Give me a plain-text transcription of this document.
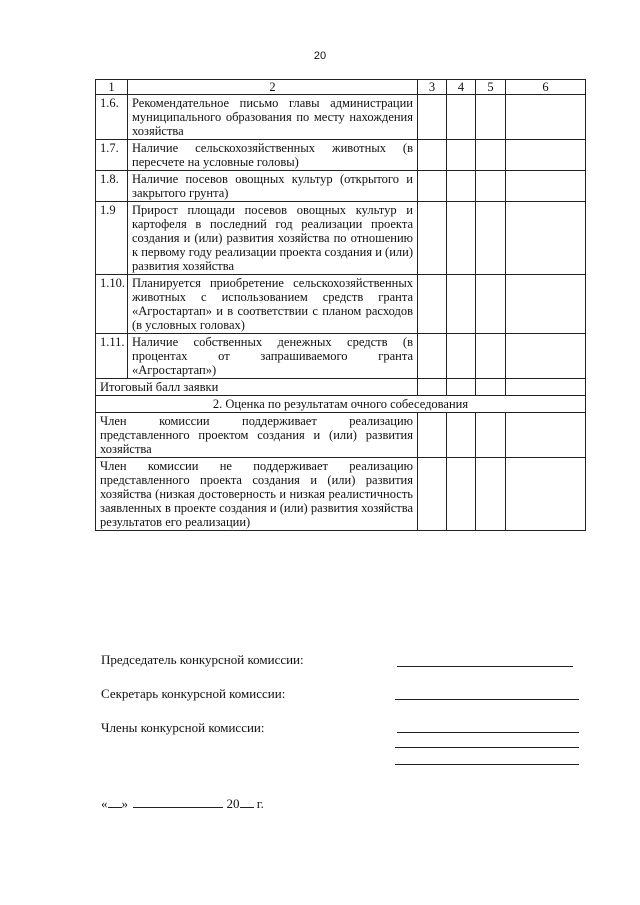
20
1	2	3	4	5	6
1.6.	Рекомендательное письмо главы администрации муниципального образования по месту нахождения хозяйства				
1.7.	Наличие сельскохозяйственных животных (в пересчете на условные головы)				
1.8.	Наличие посевов овощных культур (открытого и закрытого грунта)				
1.9	Прирост площади посевов овощных культур и картофеля в последний год реализации проекта создания и (или) развития хозяйства по отношению к первому году реализации проекта создания и (или) развития хозяйства				
1.10.	Планируется приобретение сельскохозяйственных животных с использованием средств гранта «Агростартап» и в соответствии с планом расходов (в условных головах)				
1.11.	Наличие собственных денежных средств (в процентах от запрашиваемого гранта «Агростартап»)				
Итоговый балл заявки					
2. Оценка по результатам очного собеседования					
Член комиссии поддерживает реализацию представленного проектом создания и (или) развития хозяйства					
Член комиссии не поддерживает реализацию представленного проекта создания и (или) развития хозяйства (низкая достоверность и низкая реалистичность заявленных в проекте создания и (или) развития хозяйства результатов его реализации)					
Председатель конкурсной комиссии:
Секретарь конкурсной комиссии:
Члены конкурсной комиссии:
« »	20 г.
